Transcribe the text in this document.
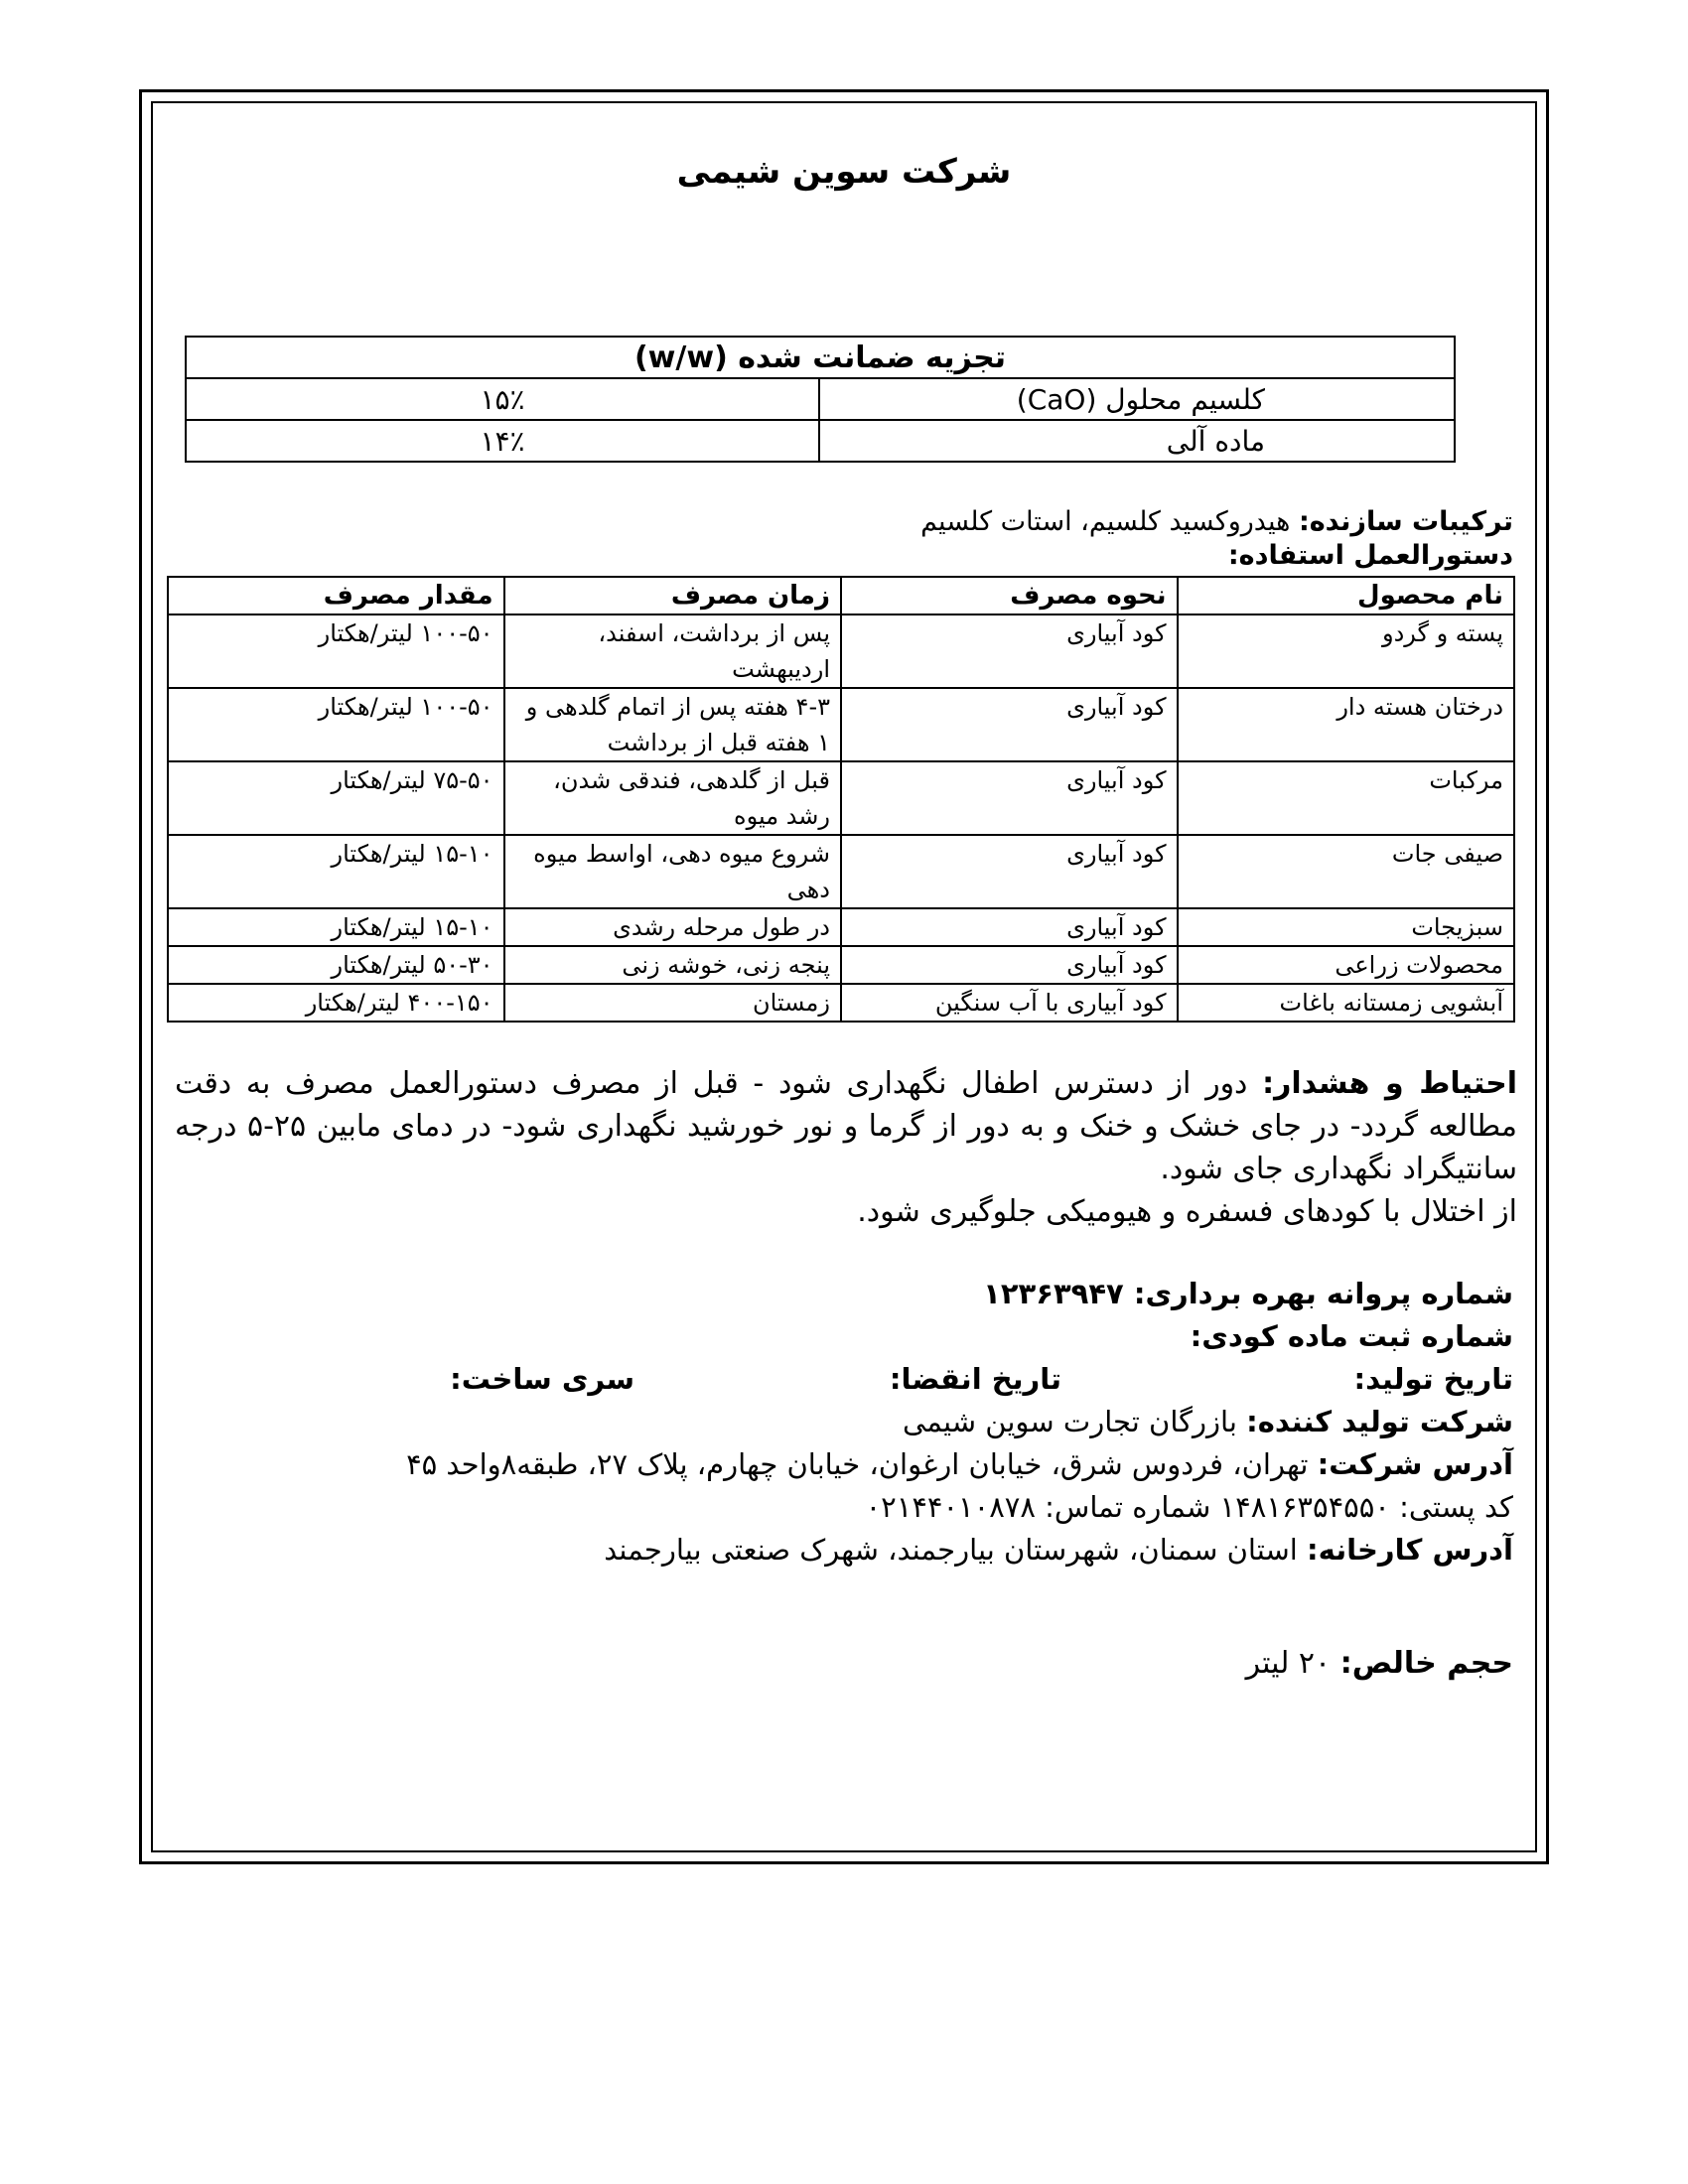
شرکت سوین شیمی
تجزیه ضمانت شده (w/w)	
کلسیم محلول (CaO)	۱۵٪
ماده آلی	۱۴٪
ترکیبات سازنده: هیدروکسید کلسیم، استات کلسیم
دستورالعمل استفاده:
نام محصول	نحوه مصرف	زمان مصرف	مقدار مصرف
پسته و گردو	کود آبیاری	پس از برداشت، اسفند، اردیبهشت	۱۰۰-۵۰ لیتر/هکتار
درختان هسته دار	کود آبیاری	۴-۳ هفته پس از اتمام گلدهی و ۱ هفته قبل از برداشت	۱۰۰-۵۰ لیتر/هکتار
مرکبات	کود آبیاری	قبل از گلدهی، فندقی شدن، رشد میوه	۷۵-۵۰ لیتر/هکتار
صیفی جات	کود آبیاری	شروع میوه دهی، اواسط میوه دهی	۱۵-۱۰ لیتر/هکتار
سبزیجات	کود آبیاری	در طول مرحله رشدی	۱۵-۱۰ لیتر/هکتار
محصولات زراعی	کود آبیاری	پنجه زنی، خوشه زنی	۵۰-۳۰ لیتر/هکتار
آبشویی زمستانه باغات	کود آبیاری با آب سنگین	زمستان	۴۰۰-۱۵۰ لیتر/هکتار
احتیاط و هشدار: دور از دسترس اطفال نگهداری شود - قبل از مصرف دستورالعمل مصرف به دقت مطالعه گردد- در جای خشک و خنک و به دور از گرما و نور خورشید نگهداری شود- در دمای مابین ۲۵-۵ درجه سانتیگراد نگهداری جای شود.
از اختلال با کودهای فسفره و هیومیکی جلوگیری شود.
شماره پروانه بهره برداری: ۱۲۳۶۳۹۴۷
شماره ثبت ماده کودی:
تاریخ تولید:
تاریخ انقضا:
سری ساخت:
شرکت تولید کننده: بازرگان تجارت سوین شیمی
آدرس شرکت: تهران، فردوس شرق، خیابان ارغوان، خیابان چهارم، پلاک ۲۷، طبقه۸واحد ۴۵
کد پستی: ۱۴۸۱۶۳۵۴۵۵۰ شماره تماس: ۰۲۱۴۴۰۱۰۸۷۸
آدرس کارخانه: استان سمنان، شهرستان بیارجمند، شهرک صنعتی بیارجمند
حجم خالص: ۲۰ لیتر
